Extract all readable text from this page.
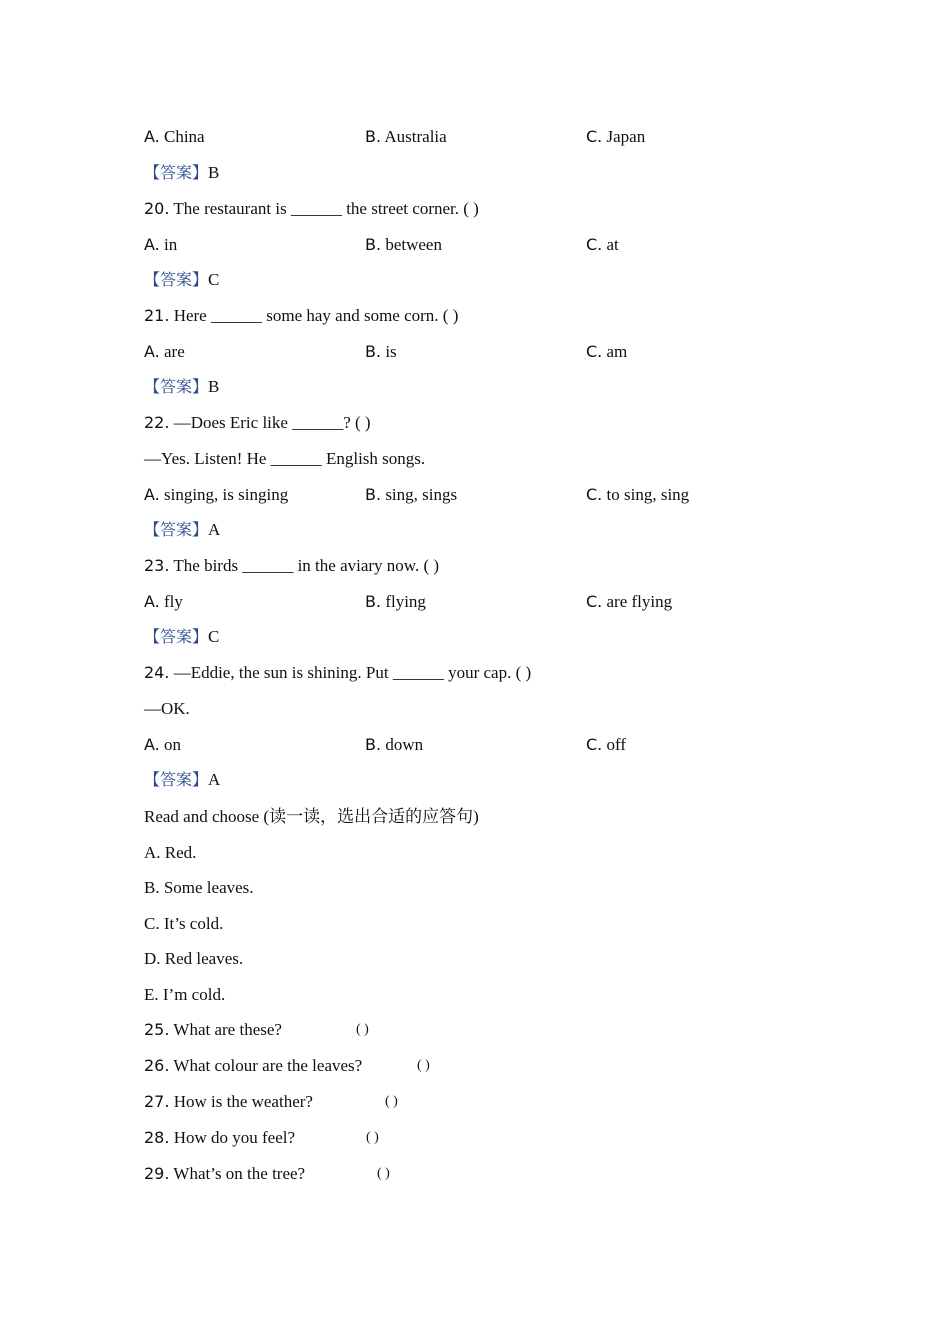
A. China	B. Australia	C. Japan
【答案】B
20. The restaurant is ______ the street corner. ( )
A. in	B. between	C. at
【答案】C
21. Here ______ some hay and some corn. ( )
A. are	B. is	C. am
【答案】B
22. —Does Eric like ______? ( )
—Yes. Listen! He ______ English songs.
A. singing, is singing	B. sing, sings	C. to sing, sing
【答案】A
23. The birds ______ in the aviary now. ( )
A. fly	B. flying	C. are flying
【答案】C
24. —Eddie, the sun is shining. Put ______ your cap. ( )
—OK.
A. on	B. down	C. off
【答案】A
Read and choose (读一读，选出合适的应答句)
A. Red.
B. Some leaves.
C. It’s cold.
D. Red leaves.
E. I’m cold.
25. What are these?	( )
26. What colour are the leaves?	( )
27. How is the weather?	( )
28. How do you feel?	( )
29. What’s on the tree?	( )
